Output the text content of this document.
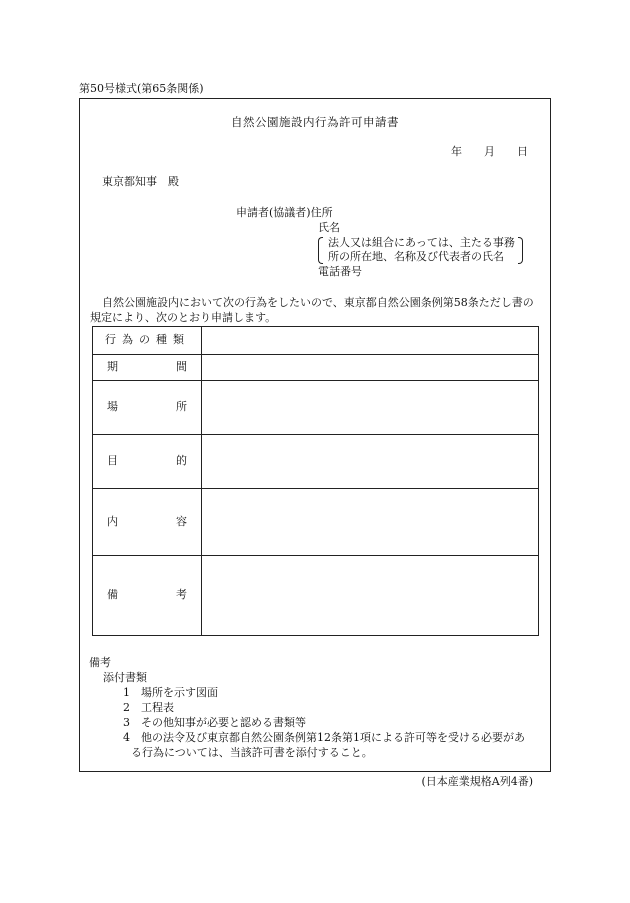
第50号様式(第65条関係)
自然公園施設内行為許可申請書
年 月 日
東京都知事　殿
申請者(協議者)住所
氏名
法人又は組合にあっては、主たる事務
所の所在地、名称及び代表者の氏名
電話番号
自然公園施設内において次の行為をしたいので、東京都自然公園条例第58条ただし書の規定により、次のとおり申請します。
行為の種類	

期 間	

場 所	

目 的	

内 容	

備 考	

備考
添付書類
1 場所を示す図面
2 工程表
3 その他知事が必要と認める書類等
4 他の法令及び東京都自然公園条例第12条第1項による許可等を受ける必要があ
る行為については、当該許可書を添付すること。
(日本産業規格A列4番)
